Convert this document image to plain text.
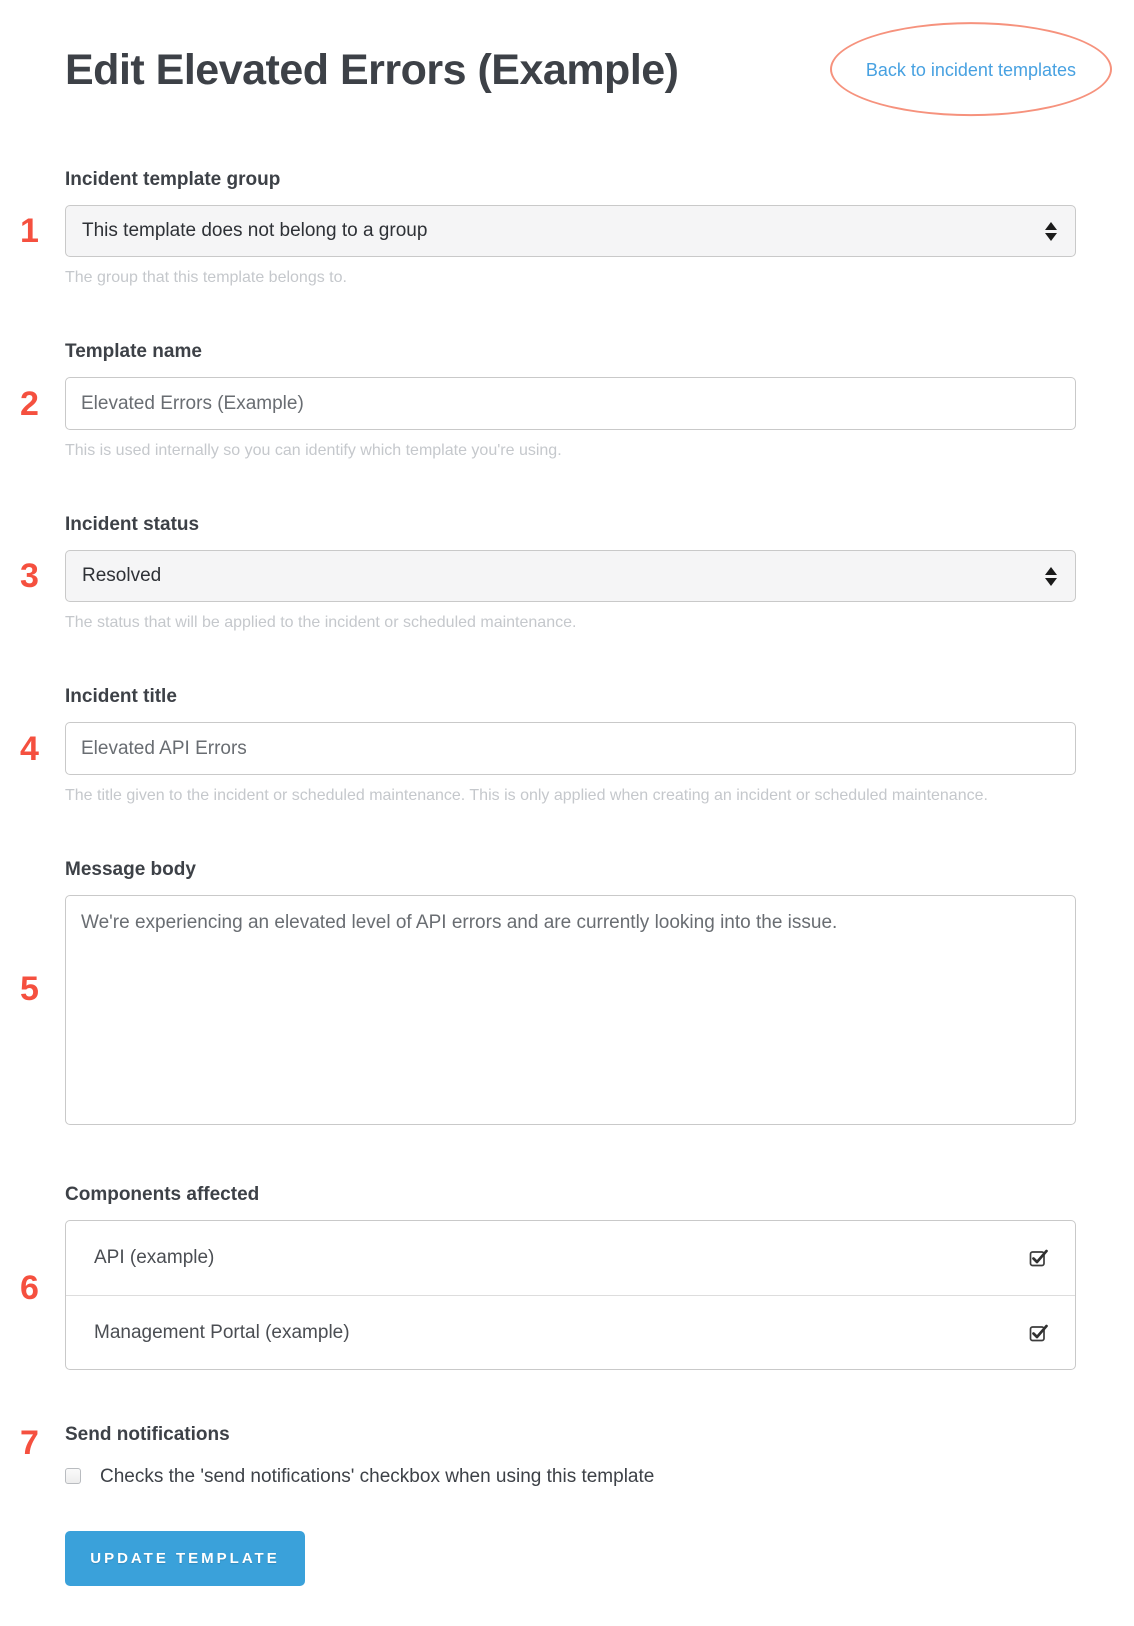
Edit Elevated Errors (Example)	Back to incident templates
Incident template group
1 This template does not belong to a group
The group that this template belongs to.
Template name
2
Elevated Errors (Example)
This is used internally so you can identify which template you're using.
Incident status
3 Resolved
The status that will be applied to the incident or scheduled maintenance.
Incident title
4
Elevated API Errors
The title given to the incident or scheduled maintenance. This is only applied when creating an incident or scheduled maintenance.
Message body
5
We're experiencing an elevated level of API errors and are currently looking into the issue.
Components affected
6
API (example)
Management Portal (example)
7 Send notifications
Checks the 'send notifications' checkbox when using this template
UPDATE TEMPLATE
